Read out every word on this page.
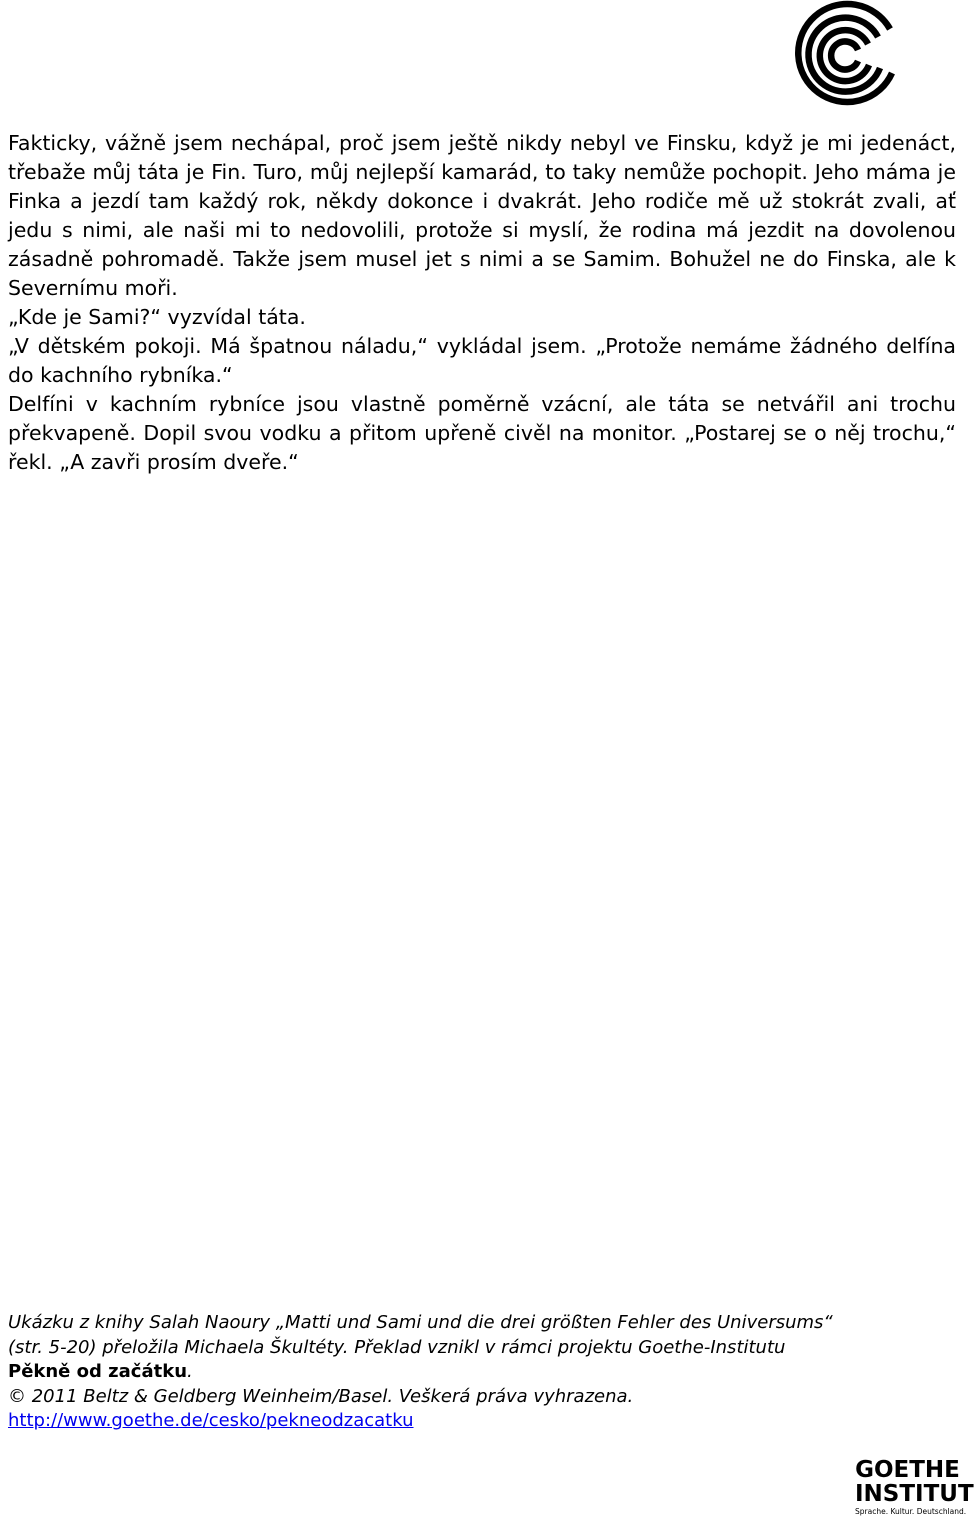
Fakticky, vážně jsem nechápal, proč jsem ještě nikdy nebyl ve Finsku, když je mi jedenáct, třebaže můj táta je Fin. Turo, můj nejlepší kamarád, to taky nemůže pochopit. Jeho máma je Finka a jezdí tam každý rok, někdy dokonce i dvakrát. Jeho rodiče mě už stokrát zvali, ať jedu s nimi, ale naši mi to nedovolili, protože si myslí, že rodina má jezdit na dovolenou zásadně pohromadě. Takže jsem musel jet s nimi a se Samim. Bohužel ne do Finska, ale k Severnímu moři.

„Kde je Sami?“ vyzvídal táta.

„V dětském pokoji. Má špatnou náladu,“ vykládal jsem. „Protože nemáme žádného delfína do kachního rybníka.“

Delfíni v kachním rybníce jsou vlastně poměrně vzácní, ale táta se netvářil ani trochu překvapeně. Dopil svou vodku a přitom upřeně civěl na monitor. „Postarej se o něj trochu,“ řekl. „A zavři prosím dveře.“

Ukázku z knihy Salah Naoury „Matti und Sami und die drei größten Fehler des Universums“

(str. 5-20) přeložila Michaela Škultéty. Překlad vznikl v rámci projektu Goethe-Institutu

Pěkně od začátku.

© 2011 Beltz & Geldberg Weinheim/Basel. Veškerá práva vyhrazena.

http://www.goethe.de/cesko/pekneodzacatku

GOETHE
INSTITUT
Sprache. Kultur. Deutschland.
